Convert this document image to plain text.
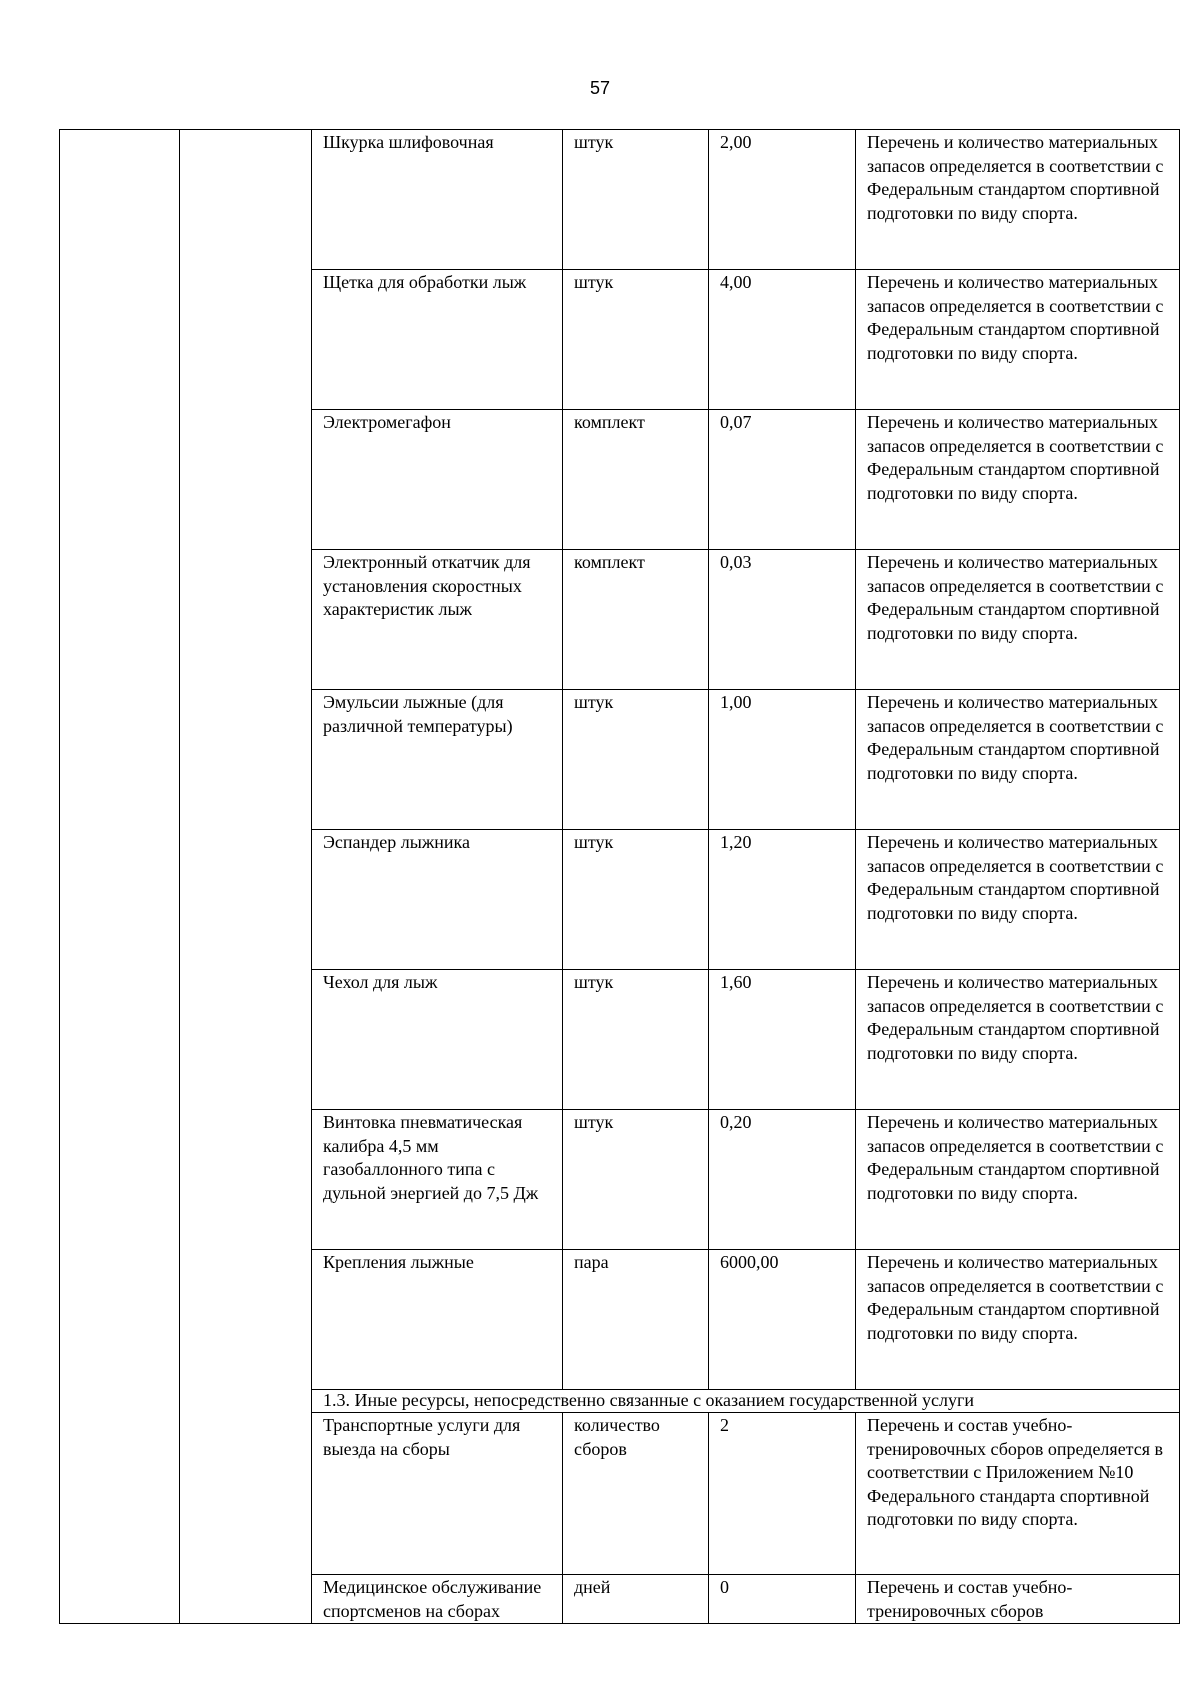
57
		Шкурка шлифовочная	штук	2,00	Перечень и количество материальных запасов определяется в соответствии с Федеральным стандартом спортивной подготовки по виду спорта.
		Щетка для обработки лыж	штук	4,00	Перечень и количество материальных запасов определяется в соответствии с Федеральным стандартом спортивной подготовки по виду спорта.
		Электромегафон	комплект	0,07	Перечень и количество материальных запасов определяется в соответствии с Федеральным стандартом спортивной подготовки по виду спорта.
		Электронный откатчик для установления скоростных характеристик лыж	комплект	0,03	Перечень и количество материальных запасов определяется в соответствии с Федеральным стандартом спортивной подготовки по виду спорта.
		Эмульсии лыжные (для различной температуры)	штук	1,00	Перечень и количество материальных запасов определяется в соответствии с Федеральным стандартом спортивной подготовки по виду спорта.
		Эспандер лыжника	штук	1,20	Перечень и количество материальных запасов определяется в соответствии с Федеральным стандартом спортивной подготовки по виду спорта.
		Чехол для лыж	штук	1,60	Перечень и количество материальных запасов определяется в соответствии с Федеральным стандартом спортивной подготовки по виду спорта.
		Винтовка пневматическая калибра 4,5 мм газобаллонного типа с дульной энергией до 7,5 Дж	штук	0,20	Перечень и количество материальных запасов определяется в соответствии с Федеральным стандартом спортивной подготовки по виду спорта.
		Крепления лыжные	пара	6000,00	Перечень и количество материальных запасов определяется в соответствии с Федеральным стандартом спортивной подготовки по виду спорта.
		1.3. Иные ресурсы, непосредственно связанные с оказанием государственной услуги			
		Транспортные услуги для выезда на сборы	количество сборов	2	Перечень и состав учебно-тренировочных сборов определяется в соответствии с Приложением №10 Федерального стандарта спортивной подготовки по виду спорта.
		Медицинское обслуживание спортсменов на сборах	дней	0	Перечень и состав учебно-тренировочных сборов
